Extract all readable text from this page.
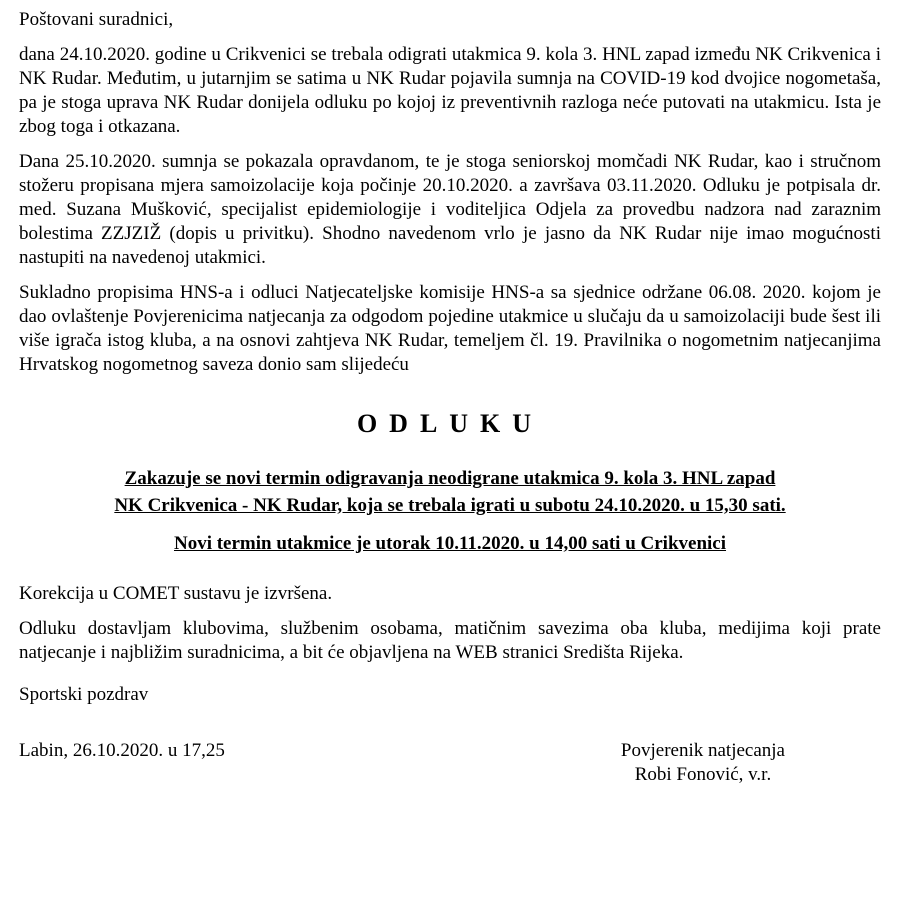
Poštovani suradnici,

dana 24.10.2020. godine u Crikvenici se trebala odigrati utakmica 9. kola 3. HNL zapad između NK Crikvenica i NK Rudar. Međutim, u jutarnjim se satima u NK Rudar pojavila sumnja na COVID-19 kod dvojice nogometaša, pa je stoga uprava NK Rudar donijela odluku po kojoj iz preventivnih razloga neće putovati na utakmicu. Ista je zbog toga i otkazana.

Dana 25.10.2020. sumnja se pokazala opravdanom, te je stoga seniorskoj momčadi NK Rudar, kao i stručnom stožeru propisana mjera samoizolacije koja počinje 20.10.2020. a završava 03.11.2020. Odluku je potpisala dr. med. Suzana Mušković, specijalist epidemiologije i voditeljica Odjela za provedbu nadzora nad zaraznim bolestima ZZJZIŽ (dopis u privitku). Shodno navedenom vrlo je jasno da NK Rudar nije imao mogućnosti nastupiti na navedenoj utakmici.

Sukladno propisima HNS-a i odluci Natjecateljske komisije HNS-a sa sjednice održane 06.08. 2020. kojom je dao ovlaštenje Povjerenicima natjecanja za odgodom pojedine utakmice u slučaju da u samoizolaciji bude šest ili više igrača istog kluba, a na osnovi zahtjeva NK Rudar, temeljem čl. 19. Pravilnika o nogometnim natjecanjima Hrvatskog nogometnog saveza donio sam slijedeću

ODLUKU

Zakazuje se novi termin odigravanja neodigrane utakmica 9. kola 3. HNL zapad

NK Crikvenica - NK Rudar, koja se trebala igrati u subotu 24.10.2020. u 15,30 sati.

Novi termin utakmice je utorak 10.11.2020. u 14,00 sati u Crikvenici

Korekcija u COMET sustavu je izvršena.

Odluku dostavljam klubovima, službenim osobama, matičnim savezima oba kluba, medijima koji prate natjecanje i najbližim suradnicima, a bit će objavljena na WEB stranici Središta Rijeka.

Sportski pozdrav

Labin, 26.10.2020. u 17,25	Povjerenik natjecanja
Robi Fonović, v.r.
